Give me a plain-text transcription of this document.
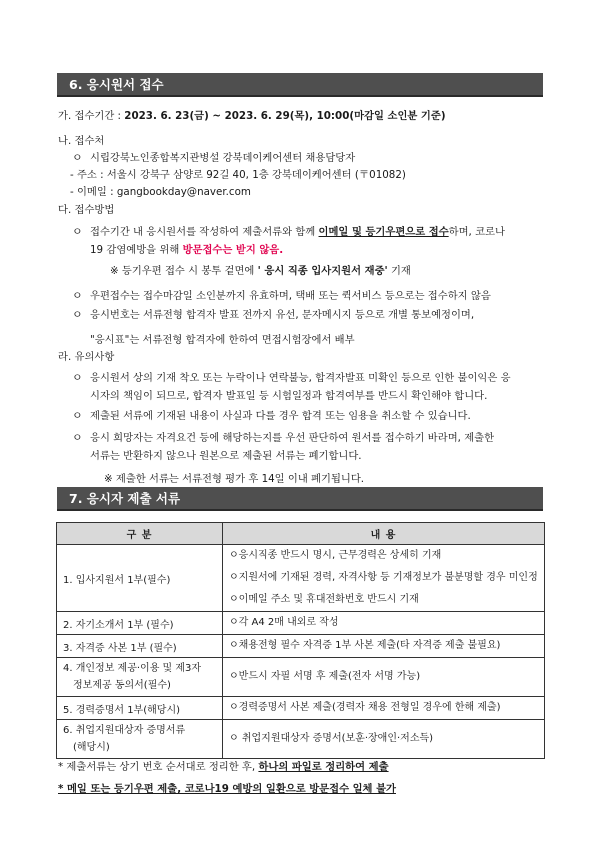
6. 응시원서 접수
가. 접수기간 : 2023. 6. 23(금) ~ 2023. 6. 29(목), 10:00(마감일 소인분 기준)
나. 접수처
ㅇ 시립강북노인종합복지관병설 강북데이케어센터 채용담당자
- 주소 : 서울시 강북구 삼양로 92길 40, 1층 강북데이케어센터 (〒01082)
- 이메일 : gangbookday@naver.com
다. 접수방법
ㅇ 접수기간 내 응시원서를 작성하여 제출서류와 함께 이메일 및 등기우편으로 접수하며, 코로나
19 감염예방을 위해 방문접수는 받지 않음.
※ 등기우편 접수 시 봉투 겉면에 ' 응시 직종 입사지원서 재중' 기재
ㅇ 우편접수는 접수마감일 소인분까지 유효하며, 택배 또는 퀵서비스 등으로는 접수하지 않음
ㅇ 응시번호는 서류전형 합격자 발표 전까지 유선, 문자메시지 등으로 개별 통보예정이며,
"응시표"는 서류전형 합격자에 한하여 면접시험장에서 배부
라. 유의사항
ㅇ 응시원서 상의 기재 착오 또는 누락이나 연락불능, 합격자발표 미확인 등으로 인한 불이익은 응
시자의 책임이 되므로, 합격자 발표일 등 시험일정과 합격여부를 반드시 확인해야 합니다.
ㅇ 제출된 서류에 기재된 내용이 사실과 다를 경우 합격 또는 임용을 취소할 수 있습니다.
ㅇ 응시 희망자는 자격요건 등에 해당하는지를 우선 판단하여 원서를 접수하기 바라며, 제출한
서류는 반환하지 않으나 원본으로 제출된 서류는 폐기합니다.
※ 제출한 서류는 서류전형 평가 후 14일 이내 폐기됩니다.
7. 응시자 제출 서류
구 분	내 용
1. 입사지원서 1부(필수)	ㅇ응시직종 반드시 명시, 근무경력은 상세히 기재
ㅇ지원서에 기재된 경력, 자격사항 등 기재정보가 불분명할 경우 미인정
ㅇ이메일 주소 및 휴대전화번호 반드시 기재

2. 자기소개서 1부 (필수)	ㅇ각 A4 2매 내외로 작성

3. 자격증 사본 1부 (필수)	ㅇ채용전형 필수 자격증 1부 사본 제출(타 자격증 제출 불필요)

4. 개인정보 제공·이용 및 제3자
정보제공 동의서(필수)	ㅇ반드시 자필 서명 후 제출(전자 서명 가능)

5. 경력증명서 1부(해당시)	ㅇ경력증명서 사본 제출(경력자 채용 전형일 경우에 한해 제출)

6. 취업지원대상자 증명서류
(해당시)	ㅇ 취업지원대상자 증명서(보훈·장애인·저소득)
* 제출서류는 상기 번호 순서대로 정리한 후, 하나의 파일로 정리하여 제출
* 메일 또는 등기우편 제출, 코로나19 예방의 일환으로 방문접수 일체 불가
